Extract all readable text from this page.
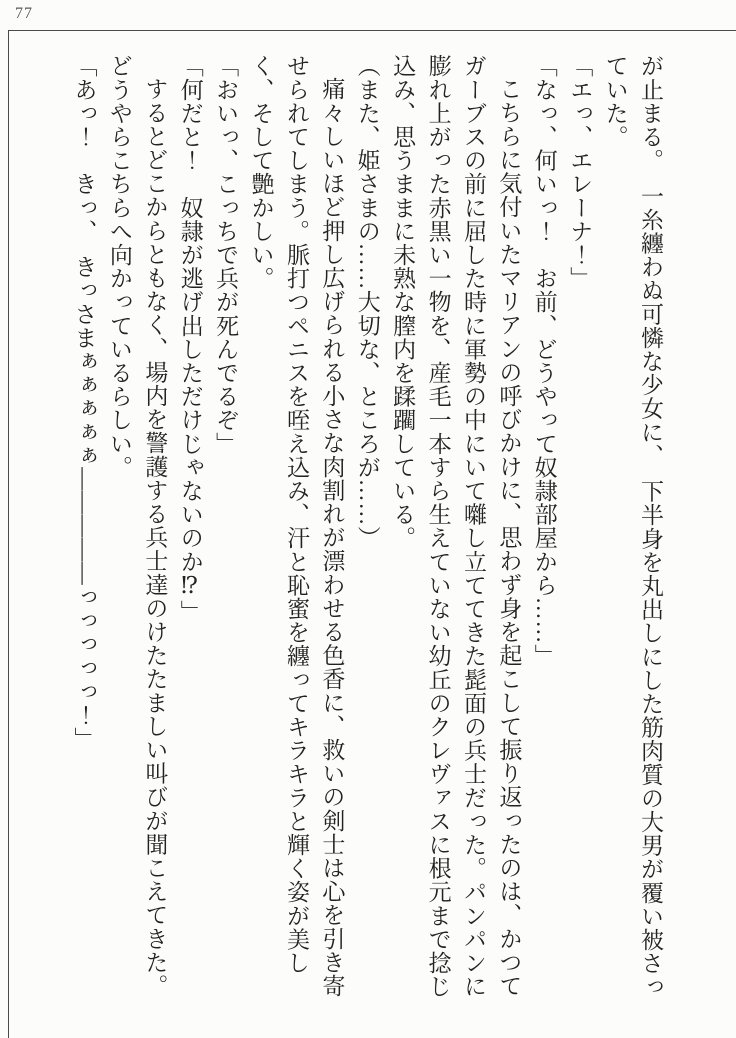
77

が止まる。　一糸纏わぬ可憐な少女に、　下半身を丸出しにした筋肉質の大男が覆い被さっていた。

「エっ、エレーナ！」

「なっ、何いっ！　お前、どうやって奴隷部屋から……」

こちらに気付いたマリアンの呼びかけに、思わず身を起こして振り返ったのは、かつてガーブスの前に屈した時に軍勢の中にいて囃し立ててきた髭面の兵士だった。パンパンに膨れ上がった赤黒い一物を、産毛一本すら生えていない幼丘のクレヴァスに根元まで捻じ込み、思うままに未熟な膣内を蹂躙している。

（また、姫さまの……大切な、ところが……）

痛々しいほど押し広げられる小さな肉割れが漂わせる色香に、救いの剣士は心を引き寄せられてしまう。脈打つペニスを咥え込み、汗と恥蜜を纏ってキラキラと輝く姿が美しく、そして艶かしい。

「おいっ、こっちで兵が死んでるぞ」

「何だと！　奴隷が逃げ出しただけじゃないのか⁉」

するとどこからともなく、場内を警護する兵士達のけたたましい叫びが聞こえてきた。どうやらこちらへ向かっているらしい。

「あっ！　きっ、　きっさまぁぁぁぁぁ―――――っっっっっ！」
